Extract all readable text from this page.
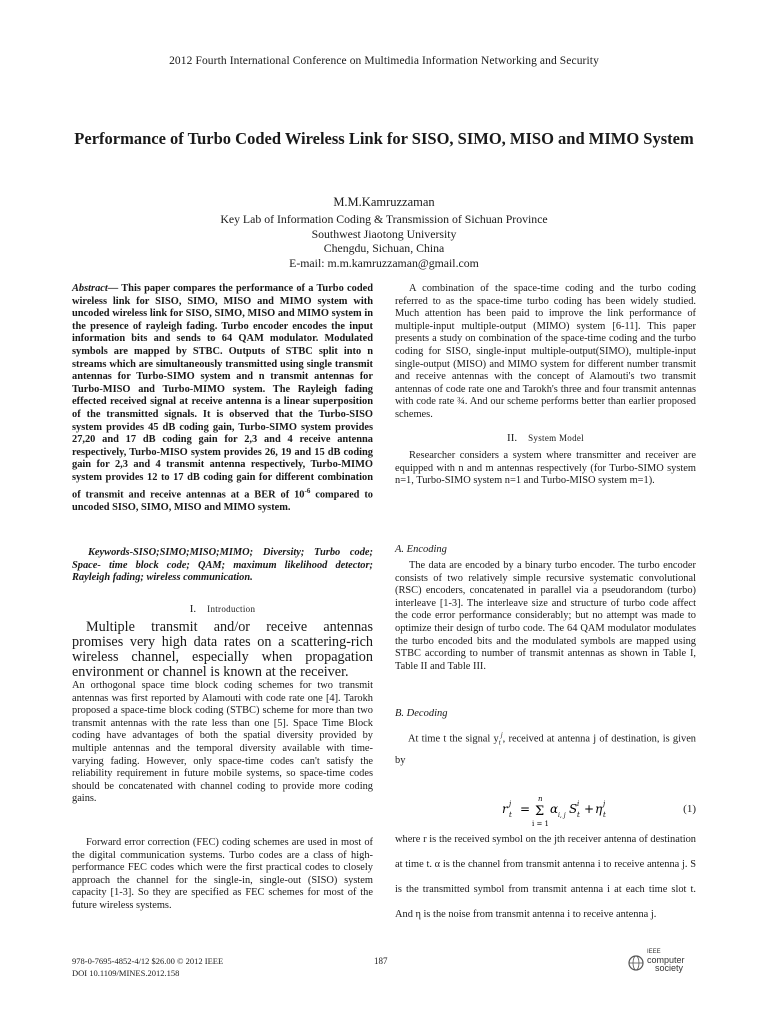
2012 Fourth International Conference on Multimedia Information Networking and Security
Performance of Turbo Coded Wireless Link for SISO, SIMO, MISO and MIMO System
M.M.Kamruzzaman
Key Lab of Information Coding & Transmission of Sichuan Province
Southwest Jiaotong University
Chengdu, Sichuan, China
E-mail: m.m.kamruzzaman@gmail.com
Abstract— This paper compares the performance of a Turbo coded wireless link for SISO, SIMO, MISO and MIMO system with uncoded wireless link for SISO, SIMO, MISO and MIMO system in the presence of rayleigh fading. Turbo encoder encodes the input information bits and sends to 64 QAM modulator. Modulated symbols are mapped by STBC. Outputs of STBC split into n streams which are simultaneously transmitted using single transmit antennas for Turbo-SIMO system and n transmit antennas for Turbo-MISO and Turbo-MIMO system. The Rayleigh fading effected received signal at receive antenna is a linear superposition of the transmitted signals. It is observed that the Turbo-SISO system provides 45 dB coding gain, Turbo-SIMO system provides 27,20 and 17 dB coding gain for 2,3 and 4 receive antenna respectively, Turbo-MISO system provides 26, 19 and 15 dB coding gain for 2,3 and 4 transmit antenna respectively, Turbo-MIMO system provides 12 to 17 dB coding gain for different combination of transmit and receive antennas at a BER of $10^{-6}$ compared to uncoded SISO, SIMO, MISO and MIMO system.
Keywords-SISO;SIMO;MISO;MIMO; Diversity; Turbo code; Space- time block code; QAM; maximum likelihood detector; Rayleigh fading; wireless communication.
I. Introduction
Multiple transmit and/or receive antennas promises very high data rates on a scattering-rich wireless channel, especially when propagation environment or channel is known at the receiver.
An orthogonal space time block coding schemes for two transmit antennas was first reported by Alamouti with code rate one [4]. Tarokh proposed a space-time block coding (STBC) scheme for more than two transmit antennas with the rate less than one [5]. Space Time Block coding have advantages of both the spatial diversity provided by multiple antennas and the temporal diversity available with time-varying fading. However, only space-time codes can't satisfy the reliability requirement in future mobile systems, so space-time codes should be concatenated with channel coding to provide more coding gains.
Forward error correction (FEC) coding schemes are used in most of the digital communication systems. Turbo codes are a class of high-performance FEC codes which were the first practical codes to closely approach the channel for the single-in, single-out (SISO) system capacity [1-3]. So they are specified as FEC schemes for most of the future wireless systems.
A combination of the space-time coding and the turbo coding referred to as the space-time turbo coding has been widely studied. Much attention has been paid to improve the link performance of multiple-input multiple-output (MIMO) system [6-11]. This paper presents a study on combination of the space-time coding and the turbo coding for SISO, single-input multiple-output(SIMO), multiple-input single-output (MISO) and MIMO system for different number transmit and receive antennas with the concept of Alamouti's two transmit antennas of code rate one and Tarokh's three and four transmit antennas with code rate ¾. And our scheme performs better than earlier proposed schemes.
II. System Model
Researcher considers a system where transmitter and receiver are equipped with n and m antennas respectively (for Turbo-SIMO system n=1, Turbo-SIMO system n=1 and Turbo-MISO system m=1).
A. Encoding
The data are encoded by a binary turbo encoder. The turbo encoder consists of two relatively simple recursive systematic convolutional (RSC) encoders, concatenated in parallel via a pseudorandom (turbo) interleave [1-3]. The interleave size and structure of turbo code affect the code error performance considerably; but no attempt was made to optimize their design of turbo code. The 64 QAM modulator modulates the turbo encoded bits and the modulated symbols are mapped using STBC according to number of transmit antennas as shown in Table I, Table II and Table III.
B. Decoding
At time t the signal $y_t^j$, received at antenna j of destination, is given by
r j
t =
n
Σ
i = 1
α i, j S i
t + η j
t	(1)
where r is the received symbol on the jth receiver antenna of destination at time t. α is the channel from transmit antenna i to receive antenna j. S is the transmitted symbol from transmit antenna i at each time slot t. And η is the noise from transmit antenna i to receive antenna j.
978-0-7695-4852-4/12 $26.00 © 2012 IEEE
DOI 10.1109/MINES.2012.158
187
IEEE
computer
society
